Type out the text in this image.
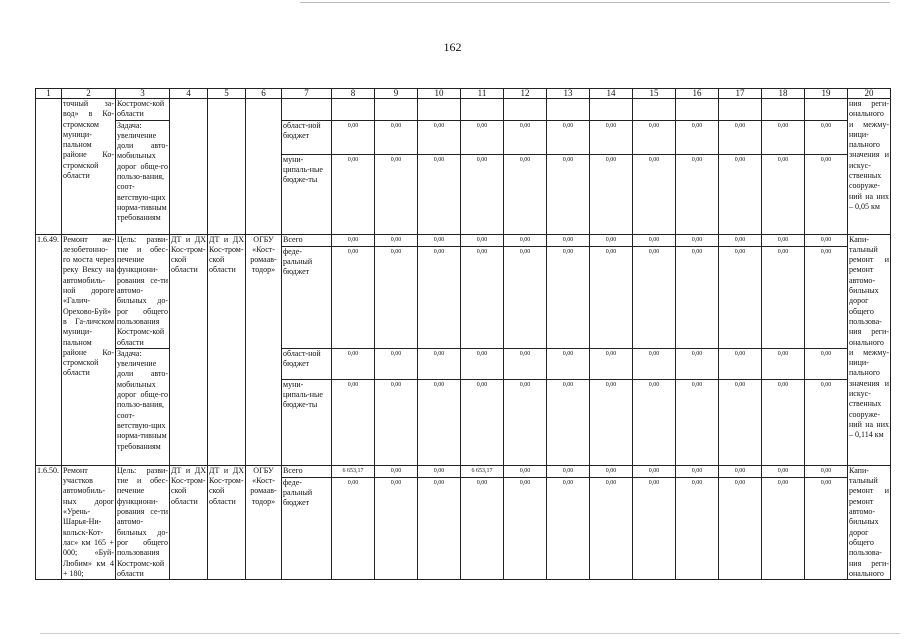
162
1	2	3	4	5	6	7	8	9	10	11	12	13	14	15	16	17	18	19	20
	точный за-вод» в Ко-стромском муници-пальном районе Ко-стромской области	Костромс-кой области																	ния реги-онального и межму-ници-пального значения и искус-ственных сооруже-ний на них – 0,05 км
		Задача: увеличение доли авто-мобильных дорог обще-го пользо-вания, соот-ветствую-щих норма-тивным требованиям				област-ной бюджет	0,00	0,00	0,00	0,00	0,00	0,00	0,00	0,00	0,00	0,00	0,00	0,00	
						муни-ципаль-ные бюдже-ты	0,00	0,00	0,00	0,00	0,00	0,00	0,00	0,00	0,00	0,00	0,00	0,00	
1.6.49.	Ремонт же-лезобетонно-го моста через реку Вексу на автомобиль-ной дороге «Галич-Орехово-Буй» в Га-личском муници-пальном районе Ко-стромской области	Цель: разви-тие и обес-печение функциони-рования се-ти автомо-бильных до-рог общего пользования Костромс-кой области	ДТ и ДХ Кос-тром-ской области	ДТ и ДХ Кос-тром-ской области	ОГБУ «Кост-ромаав-тодор»	Всего	0,00	0,00	0,00	0,00	0,00	0,00	0,00	0,00	0,00	0,00	0,00	0,00	Капи-тальный ремонт и ремонт автомо-бильных дорог общего пользова-ния реги-онального и межму-ници-пального значения и искус-ственных сооруже-ний на них – 0,114 км
						феде-ральный бюджет	0,00	0,00	0,00	0,00	0,00	0,00	0,00	0,00	0,00	0,00	0,00	0,00	
		Задача: увеличение доли авто-мобильных дорог обще-го пользо-вания, соот-ветствую-щих норма-тивным требованиям				област-ной бюджет	0,00	0,00	0,00	0,00	0,00	0,00	0,00	0,00	0,00	0,00	0,00	0,00	
						муни-ципаль-ные бюдже-ты	0,00	0,00	0,00	0,00	0,00	0,00	0,00	0,00	0,00	0,00	0,00	0,00	
1.6.50.	Ремонт участков автомобиль-ных дорог «Урень-Шарья-Ни-кольск-Кот-лас» км 165 + 000; «Буй-Любим» км 4 + 180;	Цель: разви-тие и обес-печение функциони-рования се-ти автомо-бильных до-рог общего пользования Костромс-кой области	ДТ и ДХ Кос-тром-ской области	ДТ и ДХ Кос-тром-ской области	ОГБУ «Кост-ромаав-тодор»	Всего	6 653,17	0,00	0,00	6 653,17	0,00	0,00	0,00	0,00	0,00	0,00	0,00	0,00	Капи-тальный ремонт и ремонт автомо-бильных дорог общего пользова-ния реги-онального
						феде-ральный бюджет	0,00	0,00	0,00	0,00	0,00	0,00	0,00	0,00	0,00	0,00	0,00	0,00	
